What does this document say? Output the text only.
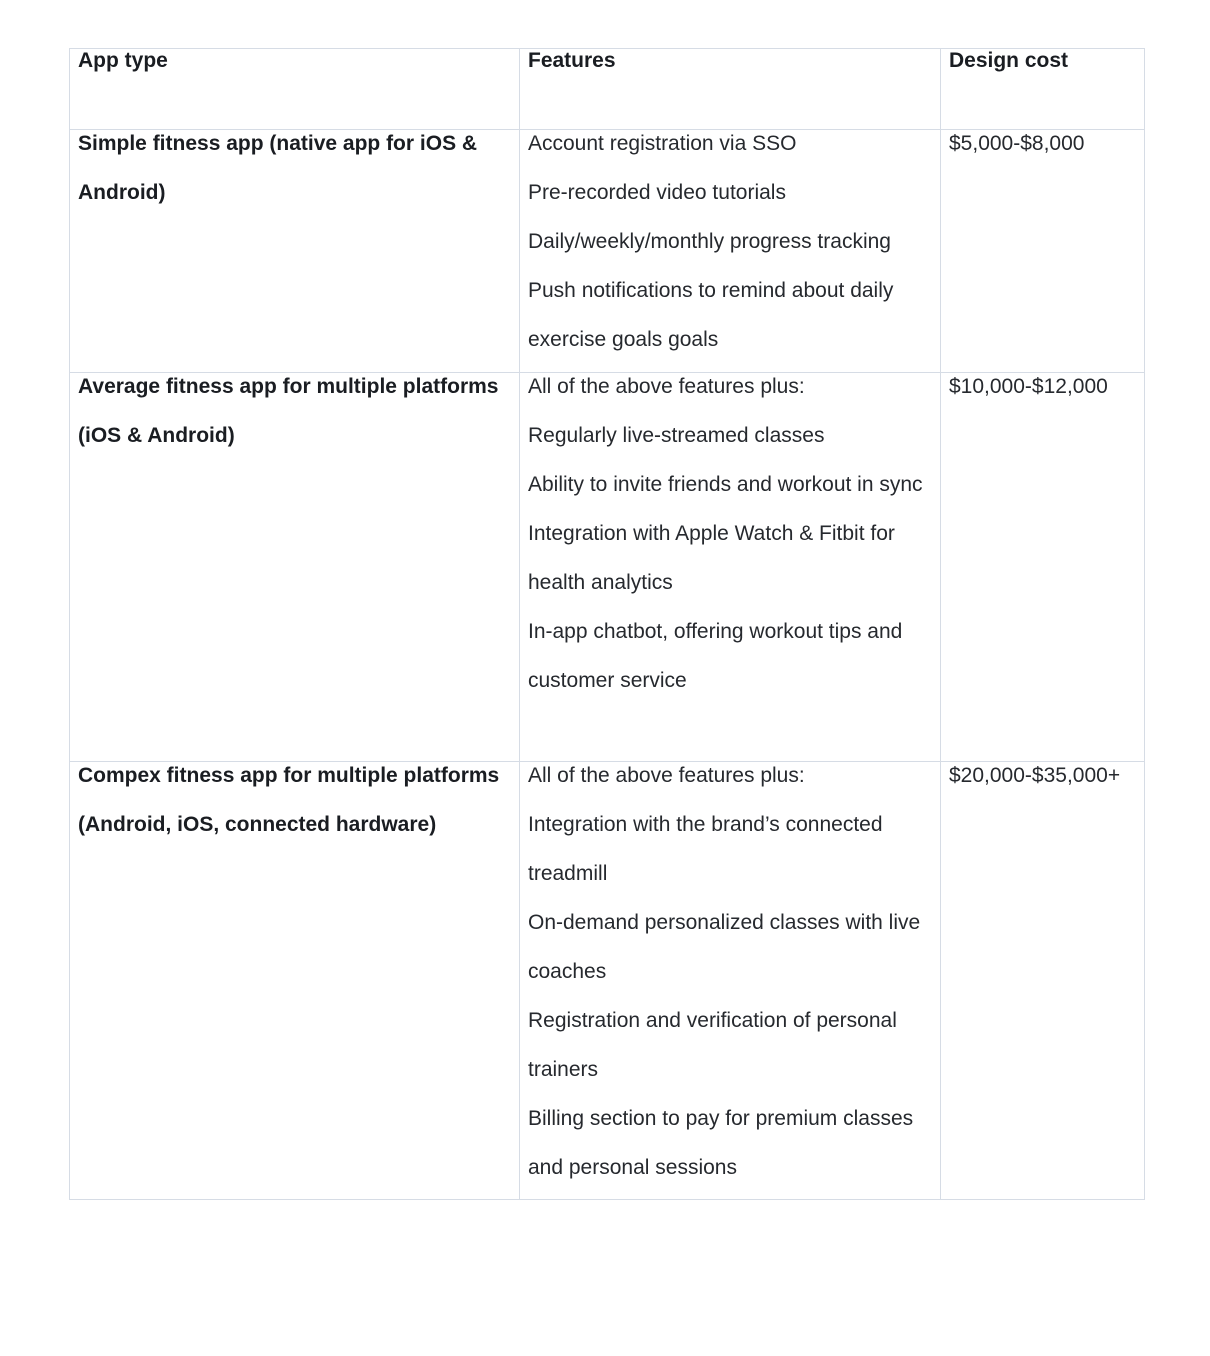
App type	Features	Design cost

Simple fitness app (native app for iOS & Android)	Account registration via SSO
Pre-recorded video tutorials
Daily/weekly/monthly progress tracking
Push notifications to remind about daily exercise goals goals	$5,000-$8,000

Average fitness app for multiple platforms (iOS & Android)	All of the above features plus:
Regularly live-streamed classes
Ability to invite friends and workout in sync
Integration with Apple Watch & Fitbit for health analytics
In-app chatbot, offering workout tips and customer service	$10,000-$12,000

Compex fitness app for multiple platforms (Android, iOS, connected hardware)	All of the above features plus:
Integration with the brand’s connected treadmill
On-demand personalized classes with live coaches
Registration and verification of personal trainers
Billing section to pay for premium classes and personal sessions	$20,000-$35,000+
